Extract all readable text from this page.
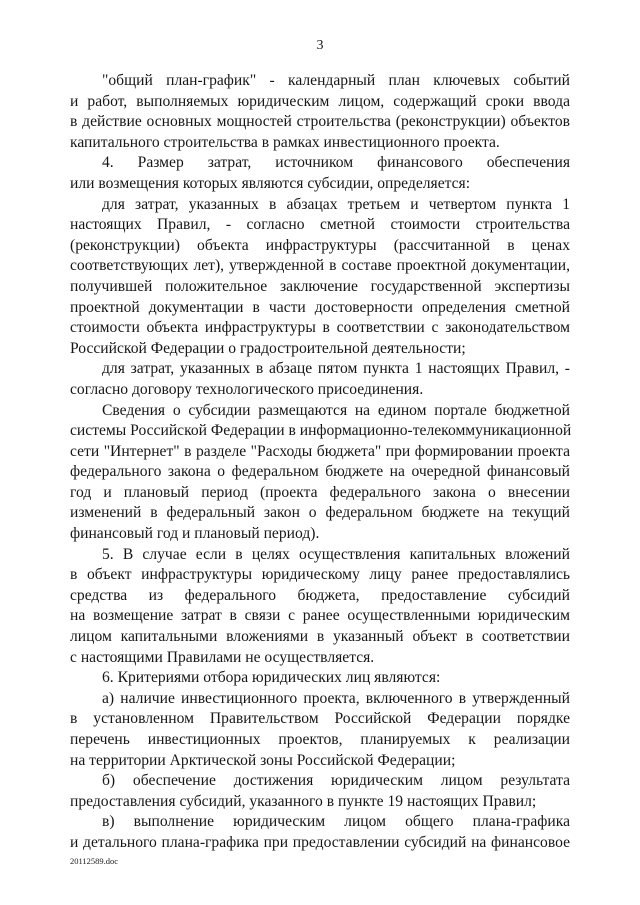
3
"общий план-график" - календарный план ключевых событий
и работ, выполняемых юридическим лицом, содержащий сроки ввода
в действие основных мощностей строительства (реконструкции) объектов
капитального строительства в рамках инвестиционного проекта.
4. Размер затрат, источником финансового обеспечения
или возмещения которых являются субсидии, определяется:
для затрат, указанных в абзацах третьем и четвертом пункта 1
настоящих Правил, - согласно сметной стоимости строительства
(реконструкции) объекта инфраструктуры (рассчитанной в ценах
соответствующих лет), утвержденной в составе проектной документации,
получившей положительное заключение государственной экспертизы
проектной документации в части достоверности определения сметной
стоимости объекта инфраструктуры в соответствии с законодательством
Российской Федерации о градостроительной деятельности;
для затрат, указанных в абзаце пятом пункта 1 настоящих Правил, -
согласно договору технологического присоединения.
Сведения о субсидии размещаются на едином портале бюджетной
системы Российской Федерации в информационно-телекоммуникационной
сети "Интернет" в разделе "Расходы бюджета" при формировании проекта
федерального закона о федеральном бюджете на очередной финансовый
год и плановый период (проекта федерального закона о внесении
изменений в федеральный закон о федеральном бюджете на текущий
финансовый год и плановый период).
5. В случае если в целях осуществления капитальных вложений
в объект инфраструктуры юридическому лицу ранее предоставлялись
средства из федерального бюджета, предоставление субсидий
на возмещение затрат в связи с ранее осуществленными юридическим
лицом капитальными вложениями в указанный объект в соответствии
с настоящими Правилами не осуществляется.
6. Критериями отбора юридических лиц являются:
а) наличие инвестиционного проекта, включенного в утвержденный
в установленном Правительством Российской Федерации порядке
перечень инвестиционных проектов, планируемых к реализации
на территории Арктической зоны Российской Федерации;
б) обеспечение достижения юридическим лицом результата
предоставления субсидий, указанного в пункте 19 настоящих Правил;
в) выполнение юридическим лицом общего плана-графика
и детального плана-графика при предоставлении субсидий на финансовое
20112589.doc
